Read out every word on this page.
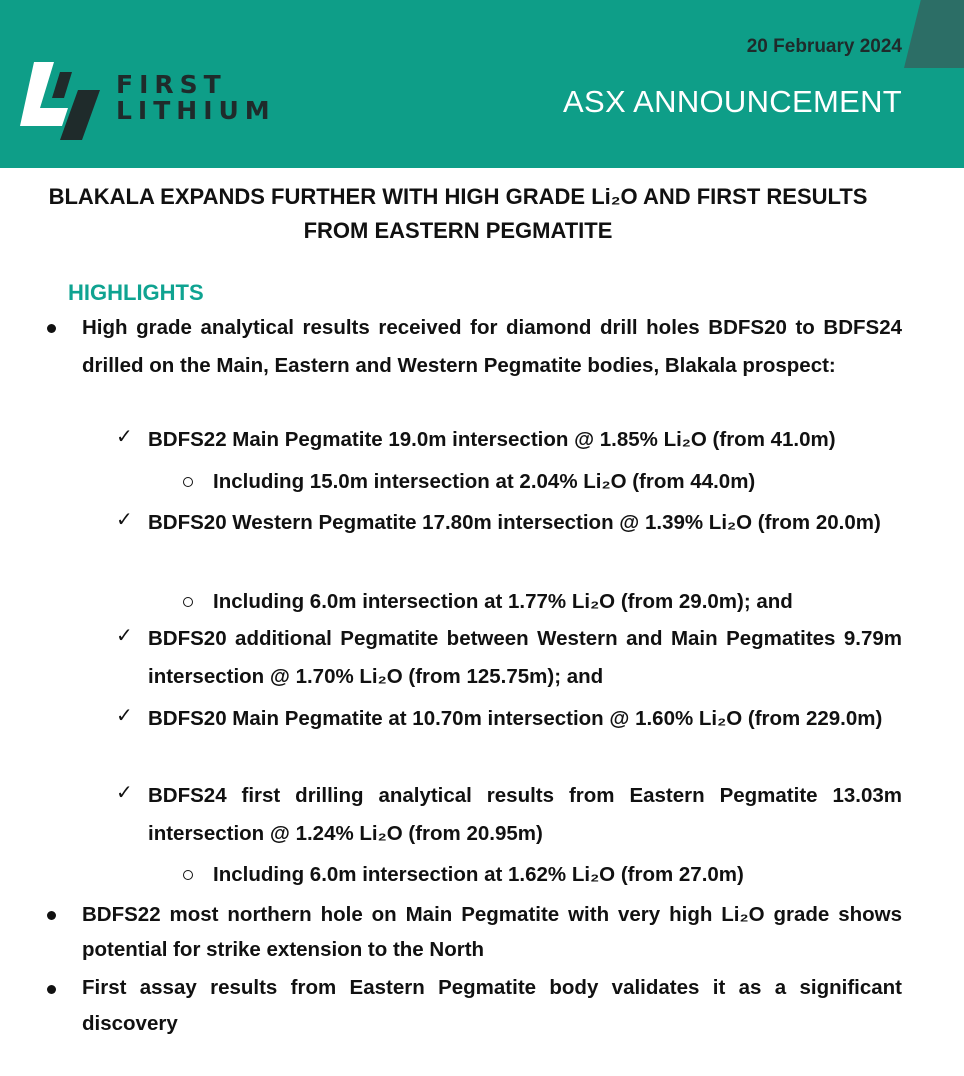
FIRST
LITHIUM
20 February 2024
ASX ANNOUNCEMENT
BLAKALA EXPANDS FURTHER WITH HIGH GRADE Li₂O AND FIRST RESULTS FROM EASTERN PEGMATITE
HIGHLIGHTS
High grade analytical results received for diamond drill holes BDFS20 to BDFS24 drilled on the Main, Eastern and Western Pegmatite bodies, Blakala prospect:
✓ BDFS22 Main Pegmatite 19.0m intersection @ 1.85% Li₂O (from 41.0m)
Including 15.0m intersection at 2.04% Li₂O (from 44.0m)
✓ BDFS20 Western Pegmatite 17.80m intersection @ 1.39% Li₂O (from 20.0m)
Including 6.0m intersection at 1.77% Li₂O (from 29.0m); and
✓ BDFS20 additional Pegmatite between Western and Main Pegmatites 9.79m intersection @ 1.70% Li₂O (from 125.75m); and
✓ BDFS20 Main Pegmatite at 10.70m intersection @ 1.60% Li₂O (from 229.0m)
✓ BDFS24 first drilling analytical results from Eastern Pegmatite 13.03m intersection @ 1.24% Li₂O (from 20.95m)
Including 6.0m intersection at 1.62% Li₂O (from 27.0m)
BDFS22 most northern hole on Main Pegmatite with very high Li₂O grade shows potential for strike extension to the North
First assay results from Eastern Pegmatite body validates it as a significant discovery
